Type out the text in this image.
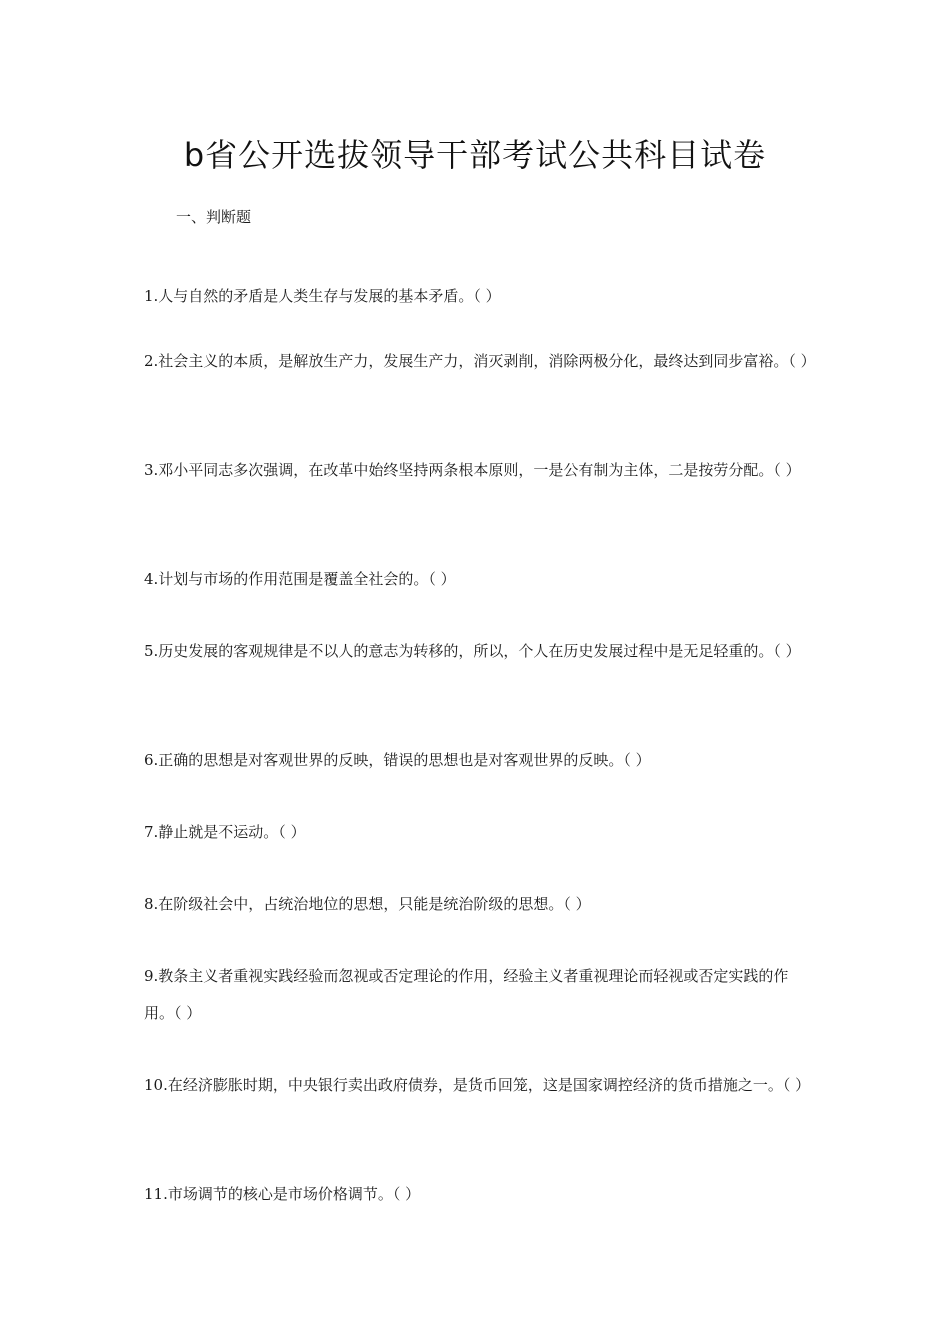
b省公开选拔领导干部考试公共科目试卷
一、判断题
1.人与自然的矛盾是人类生存与发展的基本矛盾。（ ）
2.社会主义的本质，是解放生产力，发展生产力，消灭剥削，消除两极分化，最终达到同步富裕。（ ）
3.邓小平同志多次强调，在改革中始终坚持两条根本原则，一是公有制为主体，二是按劳分配。（ ）
4.计划与市场的作用范围是覆盖全社会的。（ ）
5.历史发展的客观规律是不以人的意志为转移的，所以，个人在历史发展过程中是无足轻重的。（ ）
6.正确的思想是对客观世界的反映，错误的思想也是对客观世界的反映。（ ）
7.静止就是不运动。（ ）
8.在阶级社会中，占统治地位的思想，只能是统治阶级的思想。（ ）
9.教条主义者重视实践经验而忽视或否定理论的作用，经验主义者重视理论而轻视或否定实践的作用。（ ）
10.在经济膨胀时期，中央银行卖出政府债券，是货币回笼，这是国家调控经济的货币措施之一。（ ）
11.市场调节的核心是市场价格调节。（ ）
